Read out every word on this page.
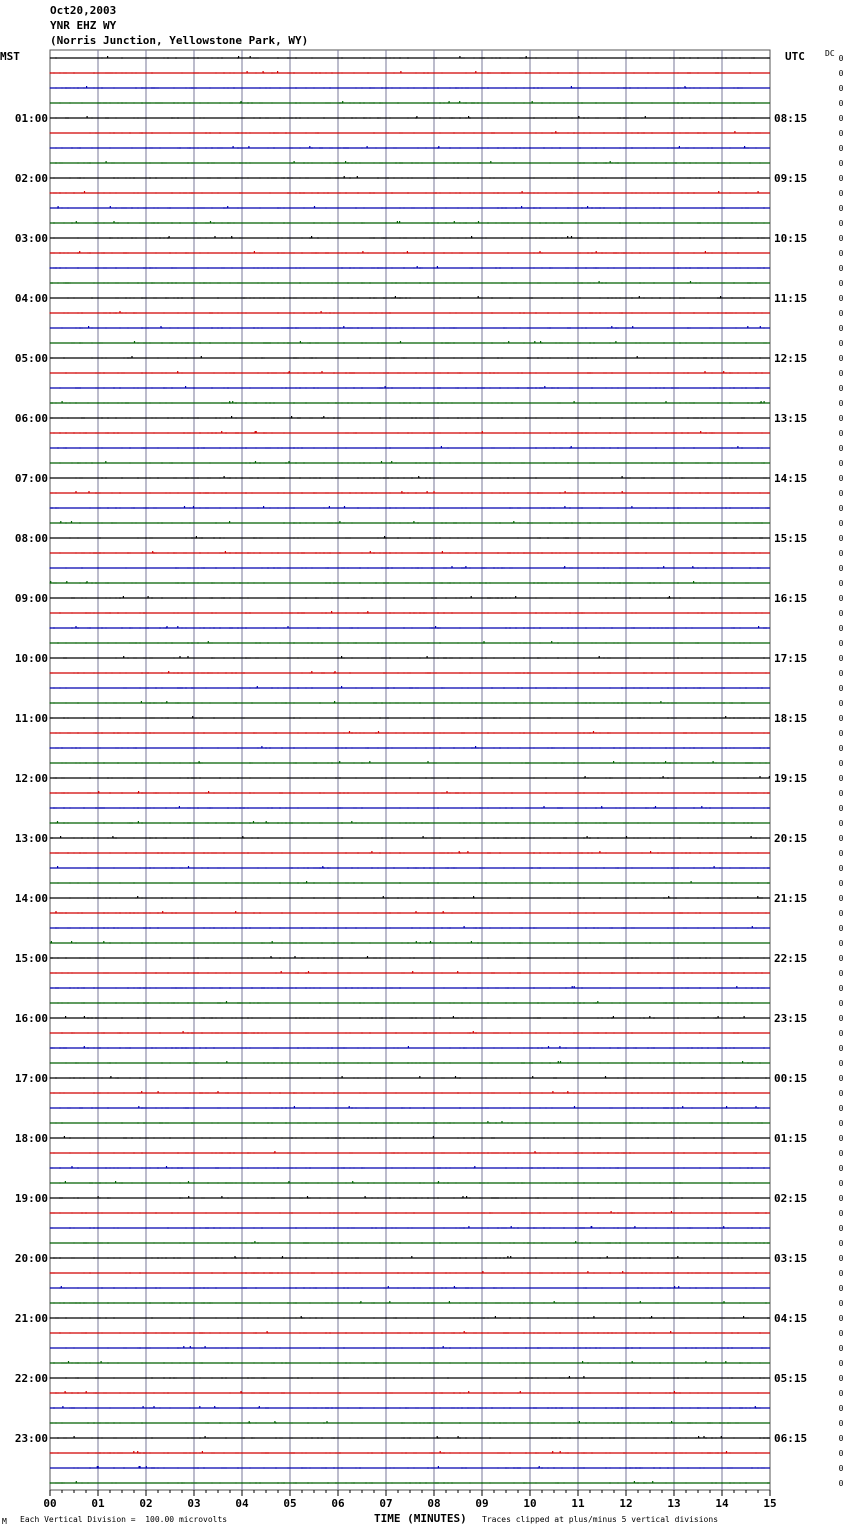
Oct20,2003
YNR EHZ WY
(Norris Junction, Yellowstone Park, WY)
MST	UTC	DC
01:00
02:00
03:00
04:00
05:00
06:00
07:00
08:00
09:00
10:00
11:00
12:00
13:00
14:00
15:00
16:00
17:00
18:00
19:00
20:00
21:00
22:00
23:00
08:15
09:15
10:15
11:15
12:15
13:15
14:15
15:15
16:15
17:15
18:15
19:15
20:15
21:15
22:15
23:15
00:15
01:15
02:15
03:15
04:15
05:15
06:15
00	01	02	03	04	05	06	07	08	09	10	11	12	13	14	15
0
0
0
0
0
0
0
0
0
0
0
0
0
0
0
0
0
0
0
0
0
0
0
0
0
0
0
0
0
0
0
0
0
0
0
0
0
0
0
0
0
0
0
0
0
0
0
0
0
0
0
0
0
0
0
0
0
0
0
0
0
0
0
0
0
0
0
0
0
0
0
0
0
0
0
0
0
0
0
0
0
0
0
0
0
0
0
0
0
0
0
0
0
0
0
0
M Each Vertical Division =  100.00 microvolts	TIME (MINUTES) Traces clipped at plus/minus 5 vertical divisions
